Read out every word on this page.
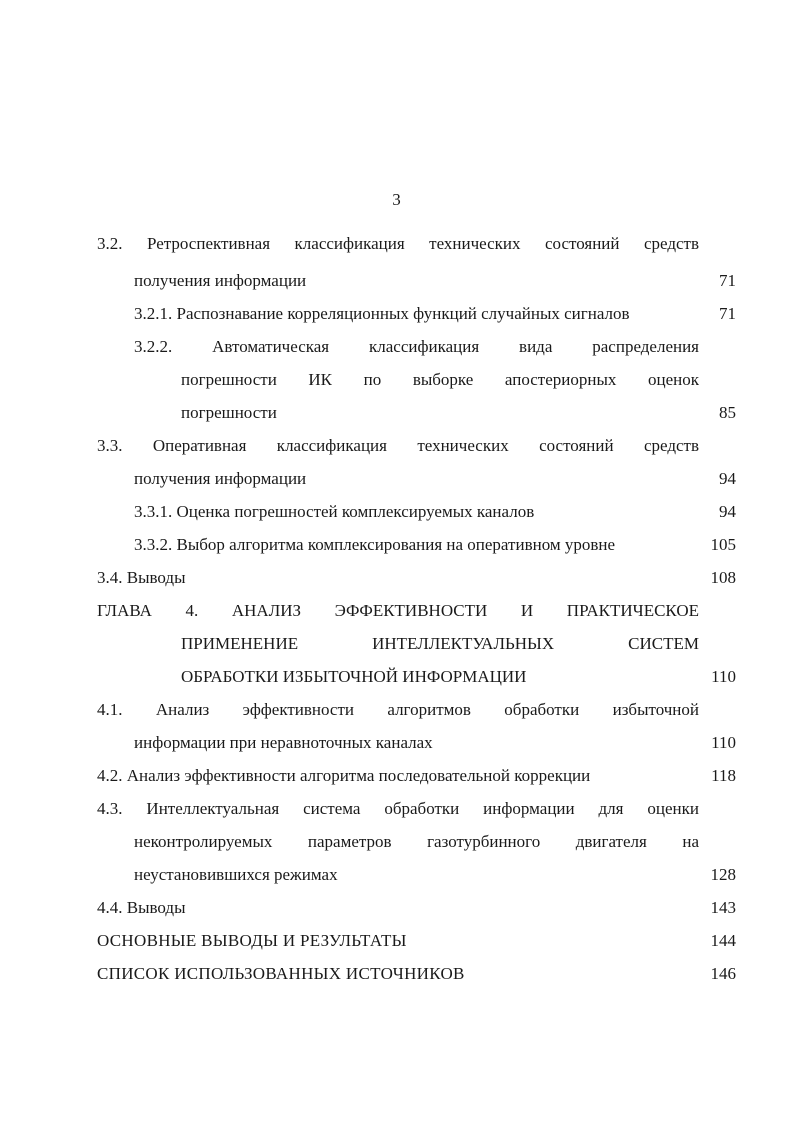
3
3.2. Ретроспективная классификация технических состояний средств
получения информации	71
3.2.1. Распознавание корреляционных функций случайных сигналов	71
3.2.2. Автоматическая классификация вида распределения
погрешности ИК по выборке апостериорных оценок
погрешности	85
3.3. Оперативная классификация технических состояний средств
получения информации	94
3.3.1. Оценка погрешностей комплексируемых каналов	94
3.3.2. Выбор алгоритма комплексирования на оперативном уровне	105
3.4. Выводы	108
ГЛАВА 4. АНАЛИЗ ЭФФЕКТИВНОСТИ И ПРАКТИЧЕСКОЕ
ПРИМЕНЕНИЕ ИНТЕЛЛЕКТУАЛЬНЫХ СИСТЕМ
ОБРАБОТКИ ИЗБЫТОЧНОЙ ИНФОРМАЦИИ	110
4.1. Анализ эффективности алгоритмов обработки избыточной
информации при неравноточных каналах	110
4.2. Анализ эффективности алгоритма последовательной коррекции	118
4.3. Интеллектуальная система обработки информации для оценки
неконтролируемых параметров газотурбинного двигателя на
неустановившихся режимах	128
4.4. Выводы	143
ОСНОВНЫЕ ВЫВОДЫ И РЕЗУЛЬТАТЫ	144
СПИСОК ИСПОЛЬЗОВАННЫХ ИСТОЧНИКОВ	146
